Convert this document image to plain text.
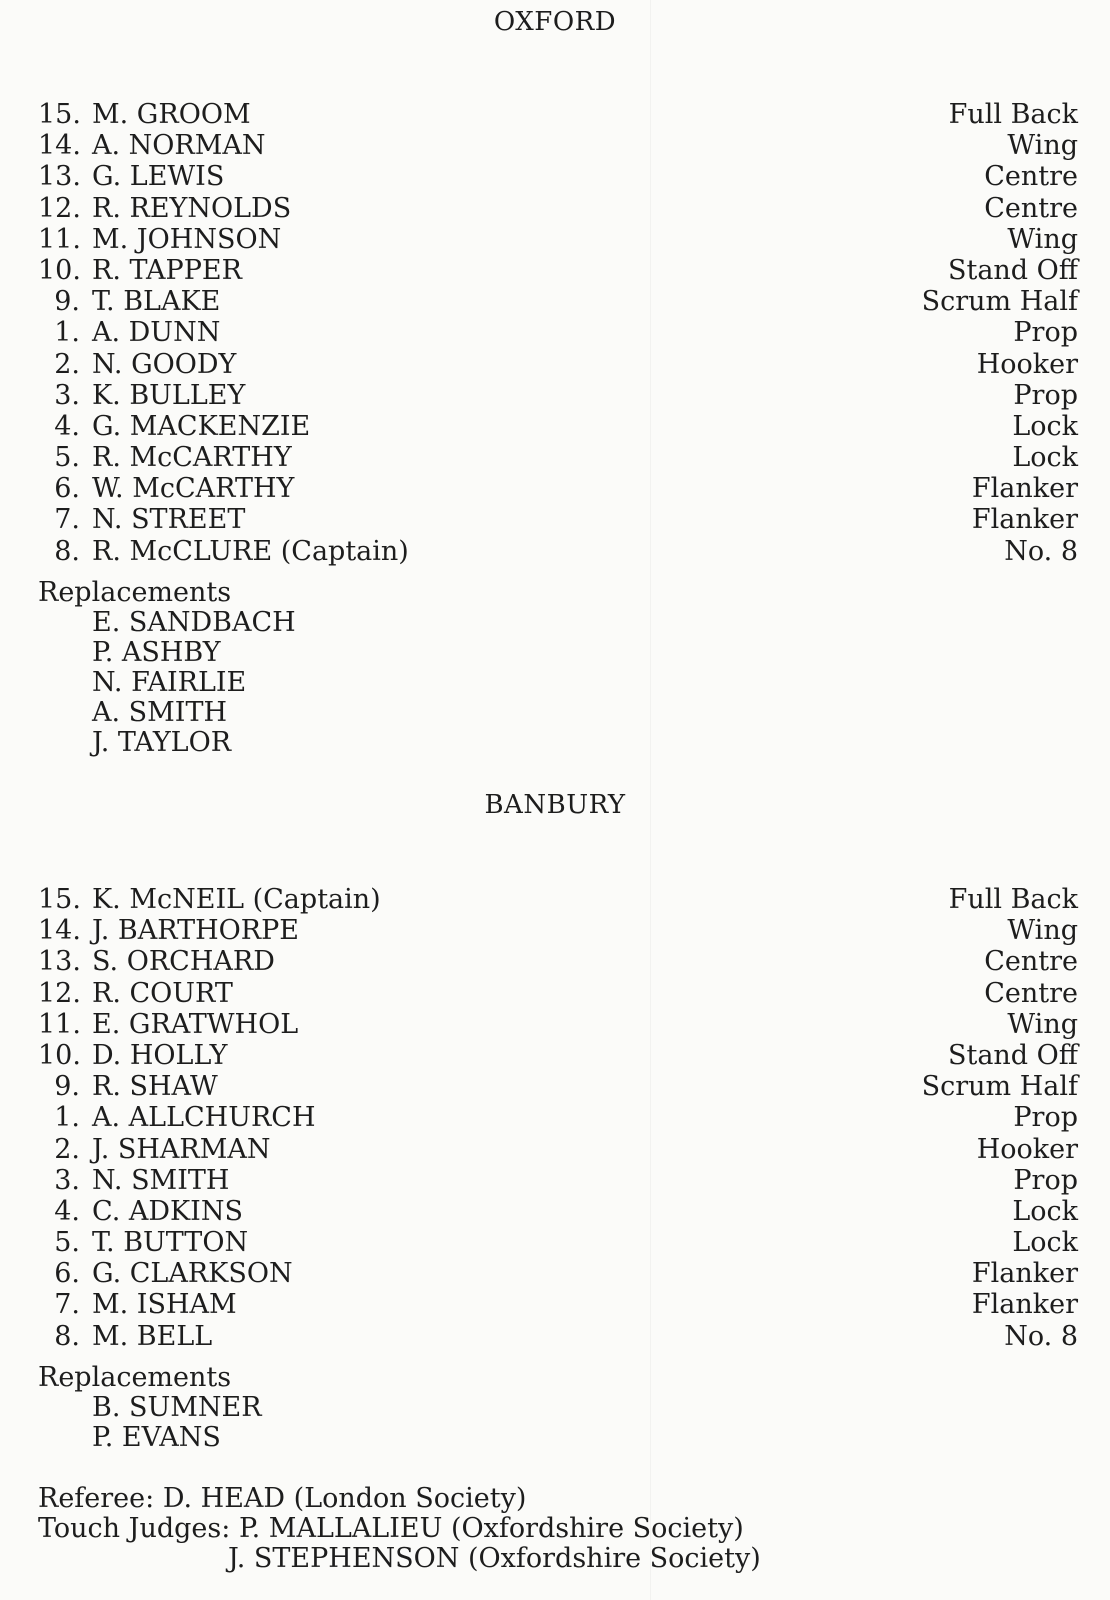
OXFORD
15. M. GROOM	Full Back
14. A. NORMAN	Wing
13. G. LEWIS	Centre
12. R. REYNOLDS	Centre
11. M. JOHNSON	Wing
10. R. TAPPER	Stand Off
9. T. BLAKE	Scrum Half
1. A. DUNN	Prop
2. N. GOODY	Hooker
3. K. BULLEY	Prop
4. G. MACKENZIE	Lock
5. R. McCARTHY	Lock
6. W. McCARTHY	Flanker
7. N. STREET	Flanker
8. R. McCLURE (Captain)	No. 8
Replacements
E. SANDBACH
P. ASHBY
N. FAIRLIE
A. SMITH
J. TAYLOR
BANBURY
15. K. McNEIL (Captain)	Full Back
14. J. BARTHORPE	Wing
13. S. ORCHARD	Centre
12. R. COURT	Centre
11. E. GRATWHOL	Wing
10. D. HOLLY	Stand Off
9. R. SHAW	Scrum Half
1. A. ALLCHURCH	Prop
2. J. SHARMAN	Hooker
3. N. SMITH	Prop
4. C. ADKINS	Lock
5. T. BUTTON	Lock
6. G. CLARKSON	Flanker
7. M. ISHAM	Flanker
8. M. BELL	No. 8
Replacements
B. SUMNER
P. EVANS
Referee: D. HEAD (London Society)
Touch Judges: P. MALLALIEU (Oxfordshire Society)
J. STEPHENSON (Oxfordshire Society)
